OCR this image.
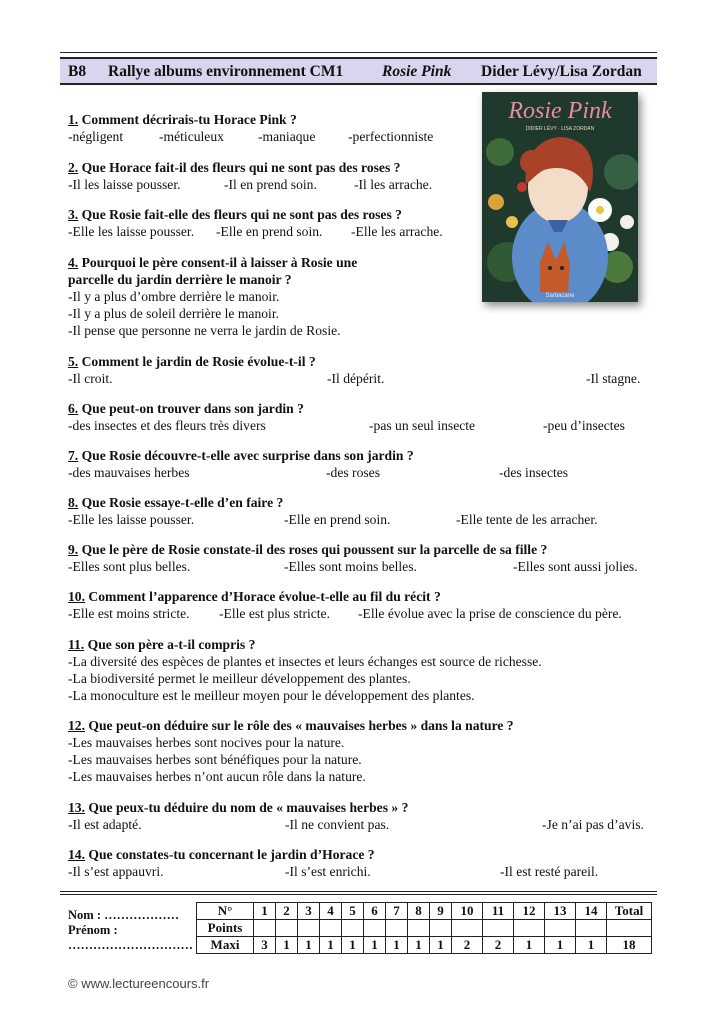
B8 Rallye albums environnement CM1	Rosie Pink Dider Lévy/Lisa Zordan
Rosie Pink
DIDIER LÉVY · LISA ZORDAN
Sarbacane
1. Comment décrirais-tu Horace Pink ?
-négligent	-méticuleux	-maniaque -perfectionniste
2. Que Horace fait-il des fleurs qui ne sont pas des roses ?
-Il les laisse pousser.	-Il en prend soin.	-Il les arrache.
3. Que Rosie fait-elle des fleurs qui ne sont pas des roses ?
-Elle les laisse pousser. -Elle en prend soin. -Elle les arrache.
4. Pourquoi le père consent-il à laisser à Rosie une
parcelle du jardin derrière le manoir ?
-Il y a plus d’ombre derrière le manoir.
-Il y a plus de soleil derrière le manoir.
-Il pense que personne ne verra le jardin de Rosie.
5. Comment le jardin de Rosie évolue-t-il ?
-Il croit.	-Il dépérit.	-Il stagne.
6. Que peut-on trouver dans son jardin ?
-des insectes et des fleurs très divers	-pas un seul insecte	-peu d’insectes
7. Que Rosie découvre-t-elle avec surprise dans son jardin ?
-des mauvaises herbes	-des roses	-des insectes
8. Que Rosie essaye-t-elle d’en faire ?
-Elle les laisse pousser.	-Elle en prend soin.	-Elle tente de les arracher.
9. Que le père de Rosie constate-il des roses qui poussent sur la parcelle de sa fille ?
-Elles sont plus belles.	-Elles sont moins belles.	-Elles sont aussi jolies.
10. Comment l’apparence d’Horace évolue-t-elle au fil du récit ?
-Elle est moins stricte. -Elle est plus stricte. -Elle évolue avec la prise de conscience du père.
11. Que son père a-t-il compris ?
-La diversité des espèces de plantes et insectes et leurs échanges est source de richesse.
-La biodiversité permet le meilleur développement des plantes.
-La monoculture est le meilleur moyen pour le développement des plantes.
12. Que peut-on déduire sur le rôle des « mauvaises herbes » dans la nature ?
-Les mauvaises herbes sont nocives pour la nature.
-Les mauvaises herbes sont bénéfiques pour la nature.
-Les mauvaises herbes n’ont aucun rôle dans la nature.
13. Que peux-tu déduire du nom de « mauvaises herbes » ?
-Il est adapté.	-Il ne convient pas.	-Je n’ai pas d’avis.
14. Que constates-tu concernant le jardin d’Horace ?
-Il s’est appauvri.	-Il s’est enrichi.	-Il est resté pareil.
Nom : ………………
Prénom :
…………………………
N°	1	2	3	4	5	6	7	8	9	10	11	12	13	14	Total
Points															
Maxi	3	1	1	1	1	1	1	1	1	2	2	1	1	1	18
© www.lectureencours.fr
